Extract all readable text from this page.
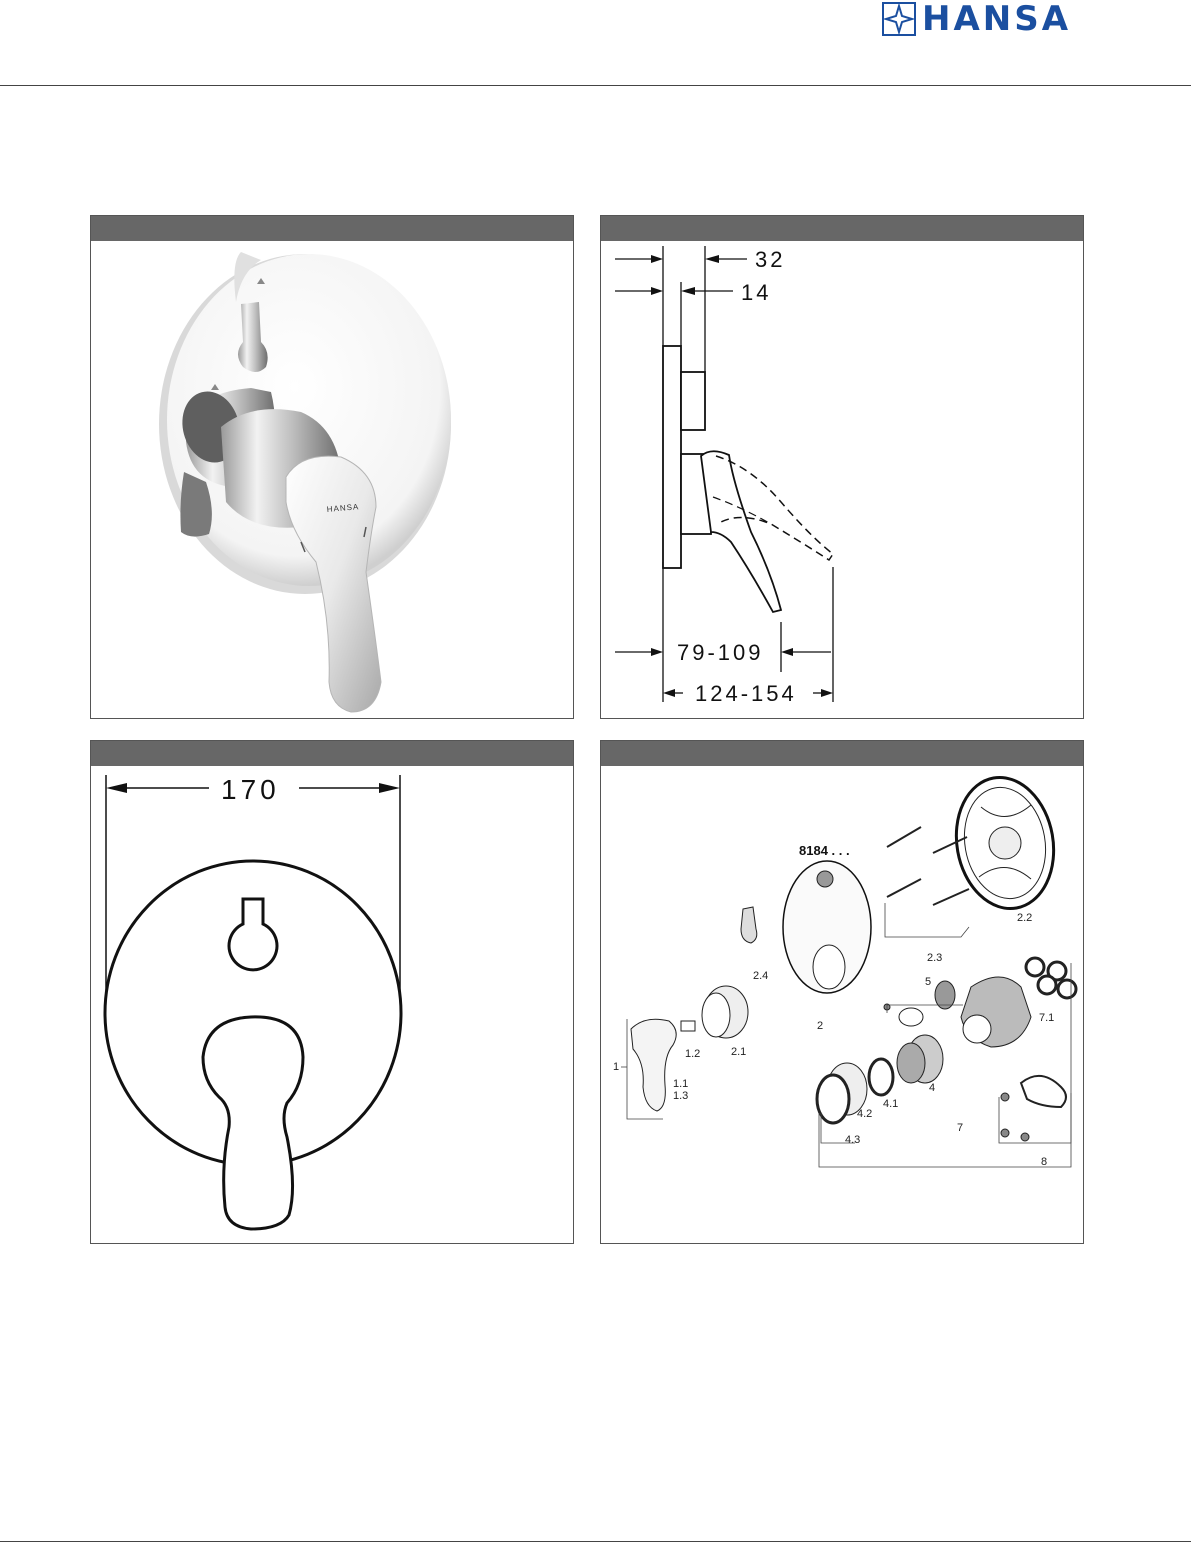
HANSA
HANSA
32
14
79-109
124-154
170
8184 . . .
1
1.1
1.2
1.3
2
2.1
2.2
2.3
2.4
4
4.1
4.2
4.3
5
7
7.1
8
